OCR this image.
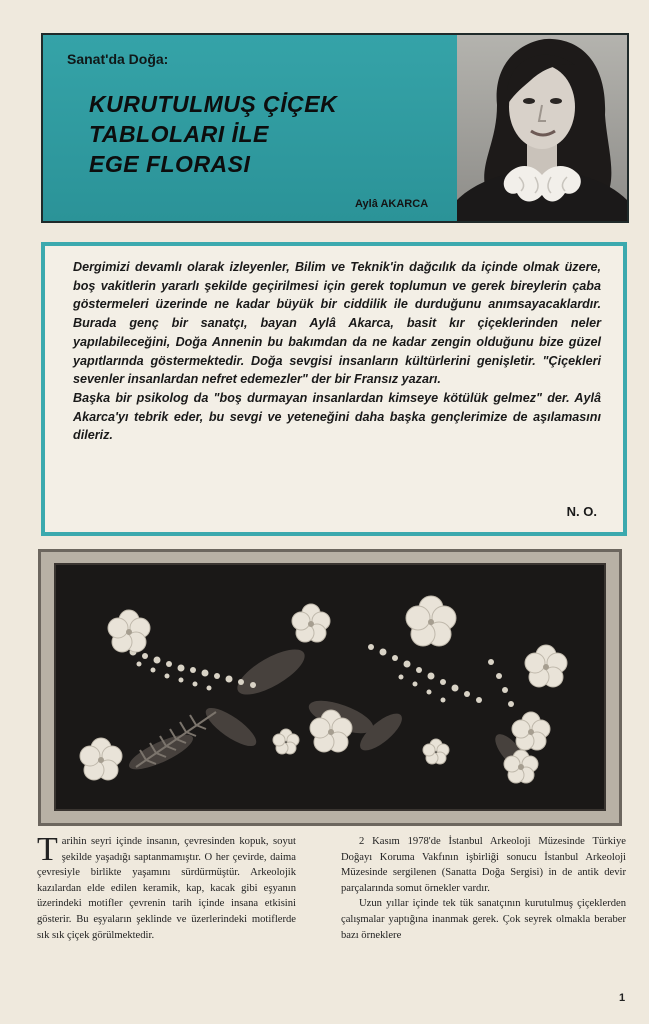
Sanat'da Doğa:
KURUTULMUŞ ÇİÇEK
TABLOLARI İLE
EGE FLORASI
Aylâ AKARCA

Dergimizi devamlı olarak izleyenler, Bilim ve Teknik'in dağcılık da içinde olmak üzere, boş vakitlerin yararlı şekilde geçirilmesi için gerek toplumun ve gerek bireylerin çaba göstermeleri üzerinde ne kadar büyük bir ciddilik ile durduğunu anımsayacaklardır. Burada genç bir sanatçı, bayan Aylâ Akarca, basit kır çiçeklerinden neler yapılabileceğini, Doğa Annenin bu bakımdan da ne kadar zengin olduğunu bize güzel yapıtlarında göstermektedir. Doğa sevgisi insanların kültürlerini genişletir. "Çiçekleri sevenler insanlardan nefret edemezler" der bir Fransız yazarı.

Başka bir psikolog da "boş durmayan insanlardan kimseye kötülük gelmez" der. Aylâ Akarca'yı tebrik eder, bu sevgi ve yeteneğini daha başka gençlerimize de aşılamasını dileriz.

N. O.

Tarihin seyri içinde insanın, çevresinden kopuk, soyut şekilde yaşadığı saptanmamıştır. O her çevirde, daima çevresiyle birlikte yaşamını sürdürmüştür. Arkeolojik kazılardan elde edilen keramik, kap, kacak gibi eşyanın üzerindeki motifler çevrenin tarih içinde insana etkisini gösterir. Bu eşyaların şeklinde ve üzerlerindeki motiflerde sık sık çiçek görülmektedir.

2 Kasım 1978'de İstanbul Arkeoloji Müzesinde Türkiye Doğayı Koruma Vakfının işbirliği sonucu İstanbul Arkeoloji Müzesinde sergilenen (Sanatta Doğa Sergisi) in de antik devir parçalarında somut örnekler vardır.

Uzun yıllar içinde tek tük sanatçının kurutulmuş çiçeklerden çalışmalar yaptığına inanmak gerek. Çok seyrek olmakla beraber bazı örneklere

1
